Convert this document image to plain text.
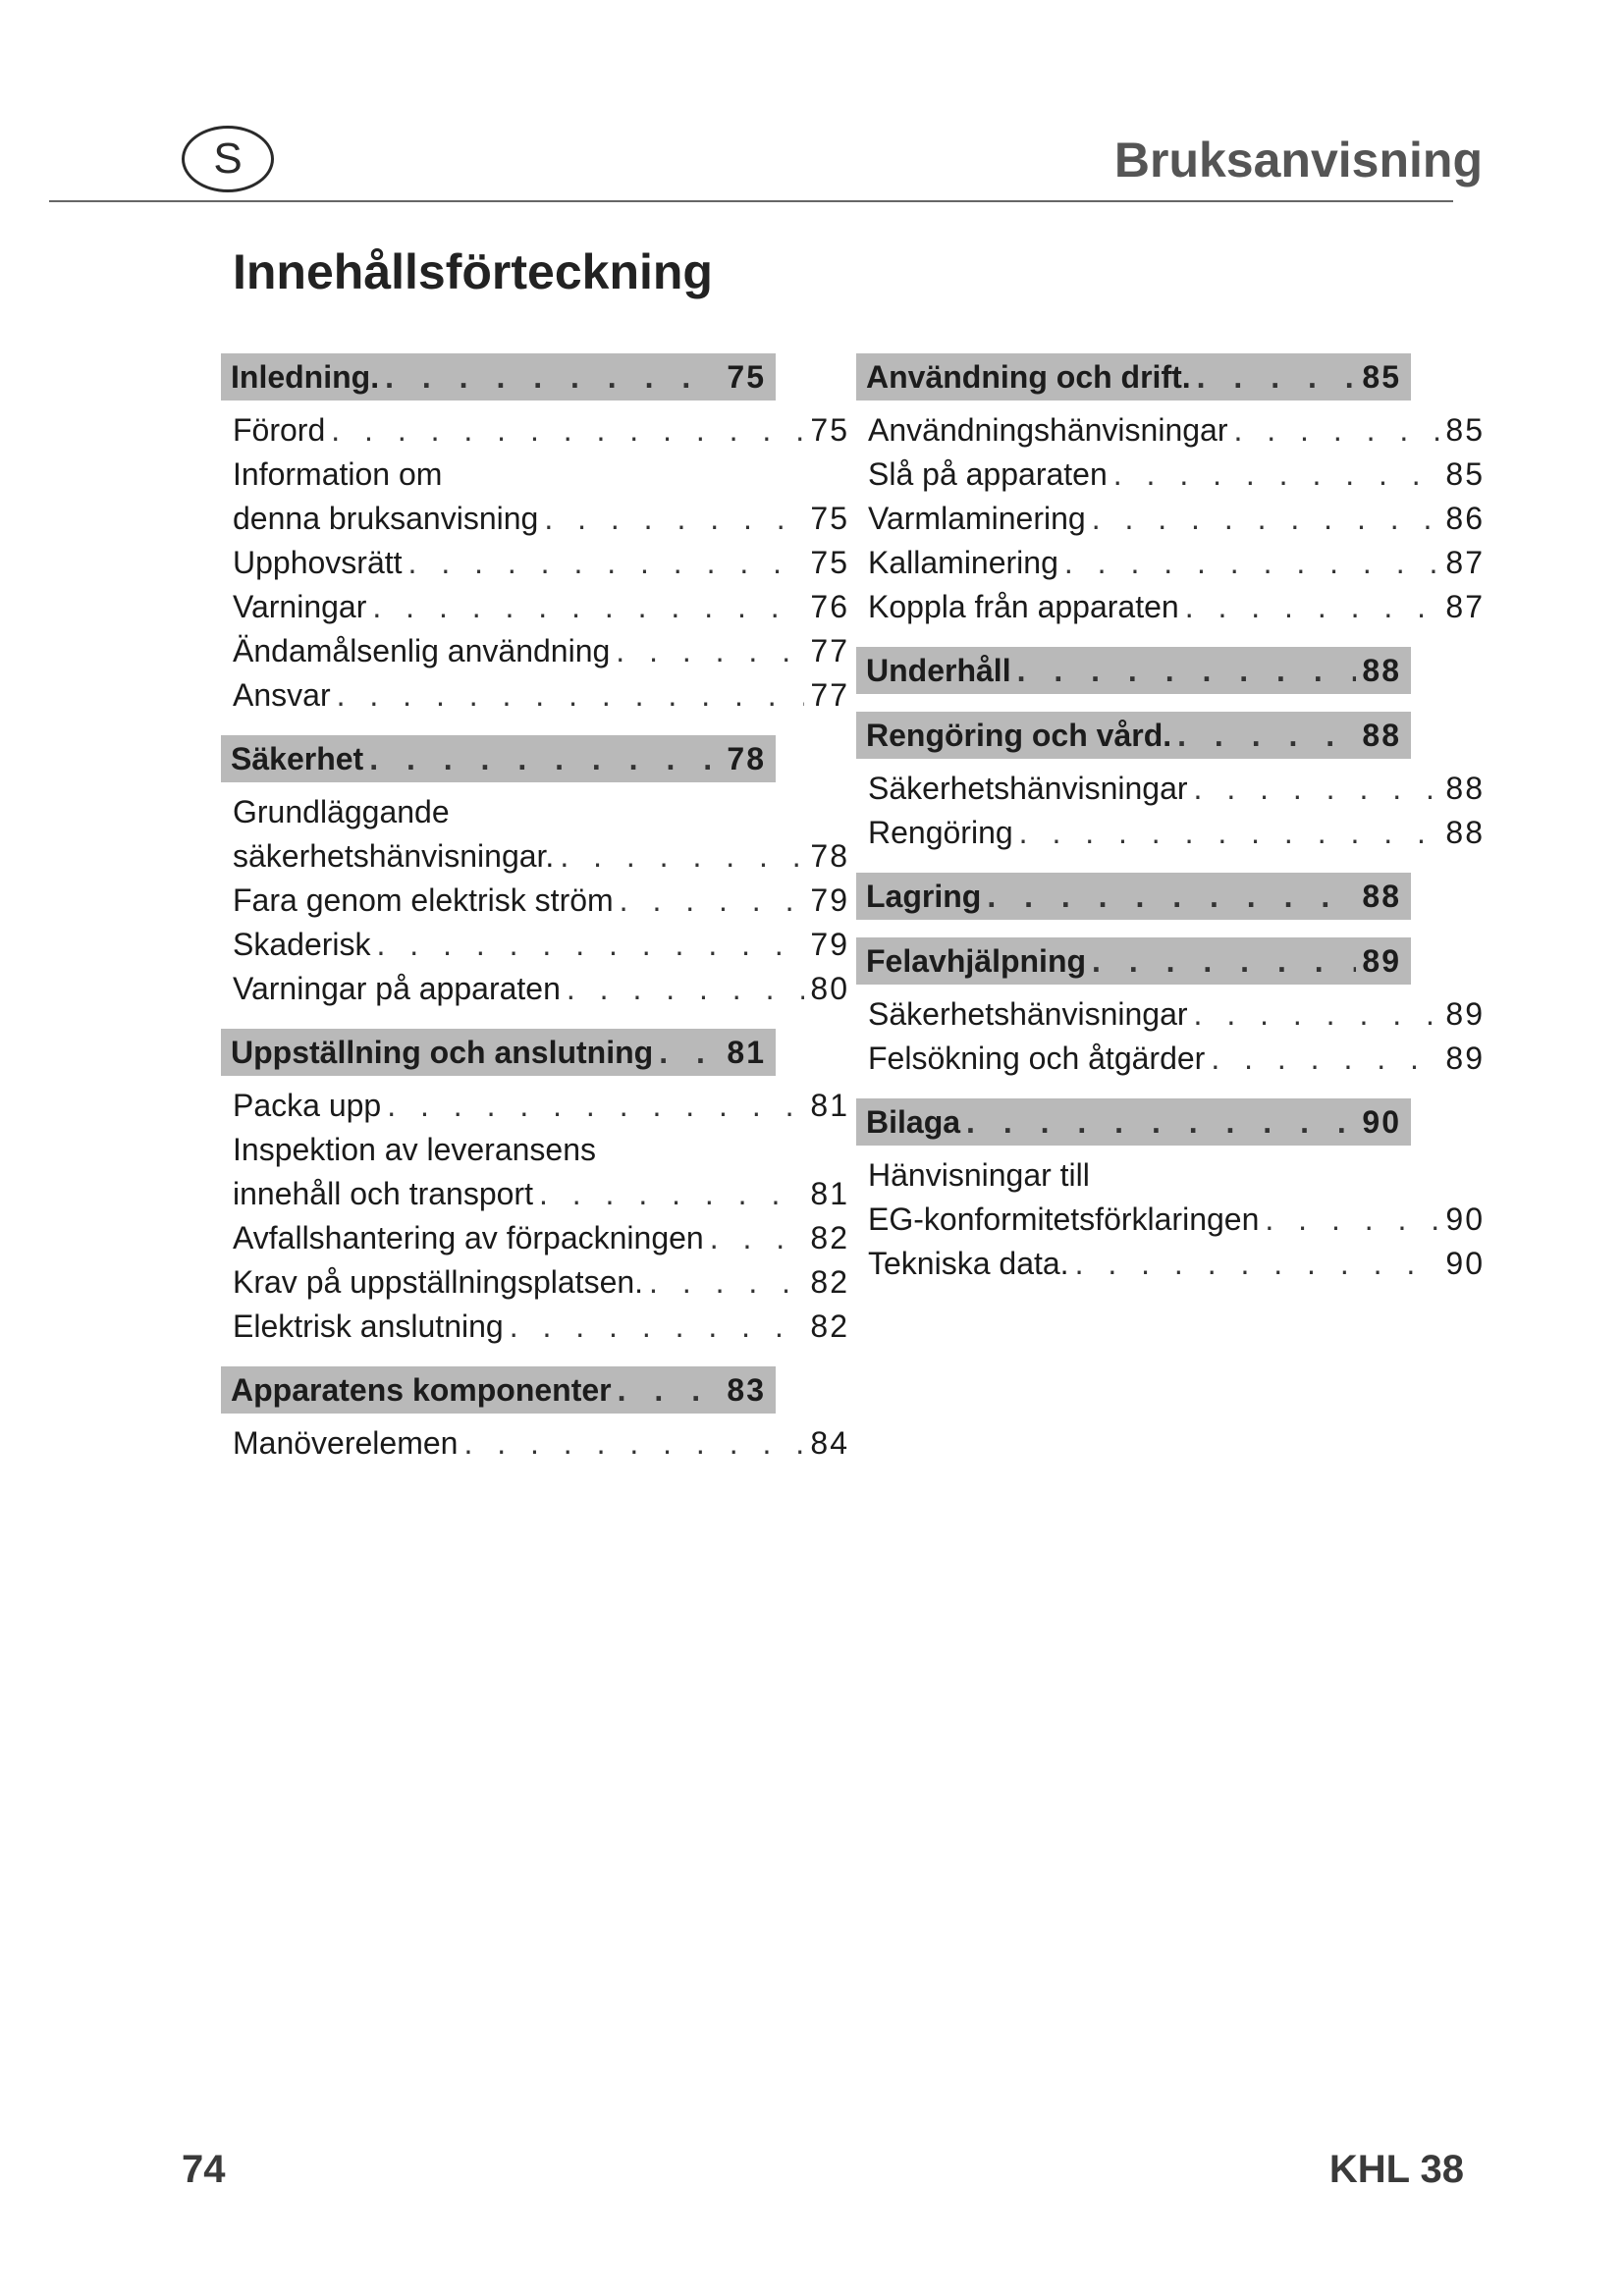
S	Bruksanvisning
Innehållsförteckning
Inledning. . . .	75
Förord . . .	75
Information om
denna bruksanvisning . . .	75
Upphovsrätt . . .	75
Varningar . . .	76
Ändamålsenlig användning . . .	77
Ansvar . . .	77
Säkerhet . . .	78
Grundläggande
säkerhetshänvisningar. . . .	78
Fara genom elektrisk ström . . .	79
Skaderisk . . .	79
Varningar på apparaten . . .	80
Uppställning och anslutning . . . 81
Packa upp . . .	81
Inspektion av leveransens
innehåll och transport . . .	81
Avfallshantering av förpackningen . . .	82
Krav på uppställningsplatsen. . . .	82
Elektrisk anslutning . . .	82
Apparatens komponenter . . .	83
Manöverelemen . . .	84
Användning och drift. . . .	85
Användningshänvisningar . . .	85
Slå på apparaten . . .	85
Varmlaminering . . .	86
Kallaminering . . .	87
Koppla från apparaten . . .	87
Underhåll . . .	88
Rengöring och vård. . . .	88
Säkerhetshänvisningar . . .	88
Rengöring . . .	88
Lagring . . .	88
Felavhjälpning . . .	89
Säkerhetshänvisningar . . .	89
Felsökning och åtgärder . . .	89
Bilaga . . .	90
Hänvisningar till
EG-konformitetsförklaringen . . .	90
Tekniska data. . . .	90
74	KHL 38
